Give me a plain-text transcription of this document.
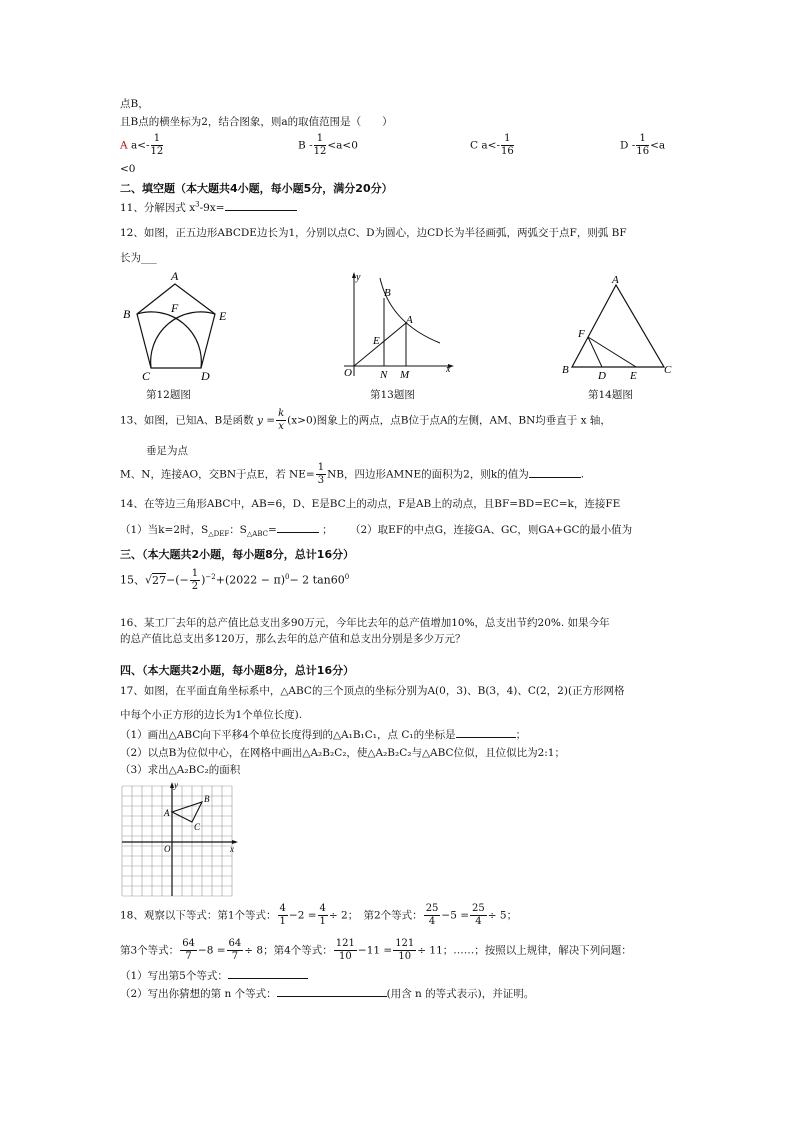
点B，
且B点的横坐标为2，结合图象，则a的取值范围是（　　）
A $a<- \frac{1}{12}$	$B - \frac{1}{12} <a<0$	C $a<- \frac{1}{16}$	$D - \frac{1}{16} <a$
<0
二、填空题（本大题共4小题，每小题5分，满分20分）
11、分解因式 $x^3-9x=$
12、如图，正五边形ABCDE边长为1，分别以点C、D为圆心，边CD长为半径画弧，两弧交于点F，则弧 BF
长为___
A
B	E
F
C	D
第12题图
y
x
O
B
A
E
N M
第13题图
A
B	C
F
D E
第14题图
13、如图，已知A、B是函数 $y = \frac{k}{x} (x>0)$图象上的两点，点B位于点A的左侧，AM、BN均垂直于 x 轴，
垂足为点
M、N，连接AO，交BN于点E，若 $NE= \frac{1}{3}$ NB，四边形AMNE的面积为2，则k的值为	.
14、在等边三角形ABC中，AB=6，D、E是BC上的动点，F是AB上的动点，且BF=BD=EC=k，连接FE
（1）当k=2时，$S_{\triangle DEF}$：$S_{\triangle ABC}=$	； （2）取EF的中点G，连接GA、GC，则GA+GC的最小值为
三、（本大题共2小题，每小题8分，总计16分）
15、$√27-(- \frac{1}{2} )^{-2}+(2022 - \pi)^0- 2$ $\tan 60^0$
16、某工厂去年的总产值比总支出多90万元，今年比去年的总产值增加10%，总支出节约20%. 如果今年
的总产值比总支出多120万，那么去年的总产值和总支出分别是多少万元？
四、（本大题共2小题，每小题8分，总计16分）
17、如图，在平面直角坐标系中，△ABC的三个顶点的坐标分别为A(0，3)、B(3，4)、C(2，2)(正方形网格
中每个小正方形的边长为1个单位长度).
（1）画出△ABC向下平移4个单位长度得到的△A₁B₁C₁，点 C₁的坐标是	；
（2）以点B为位似中心，在网格中画出△A₂B₂C₂，使△A₂B₂C₂与△ABC位似，且位似比为2:1；
（3）求出△A₂BC₂的面积
y
x
O
A
B
C
18、观察以下等式：第1个等式： $\frac{4}{1} -2 = \frac{4}{1} \div 2$；　第2个等式： $\frac{25}{4} -5 = \frac{25}{4} \div 5$；
第3个等式： $\frac{64}{7} -8 = \frac{64}{7} \div 8$；第4个等式： $\frac{121}{10} -11 = \frac{121}{10} \div 11$；……；按照以上规律，解决下列问题：
（1）写出第5个等式：
（2）写出你猜想的第 n 个等式：	(用含 n 的等式表示)，并证明。
